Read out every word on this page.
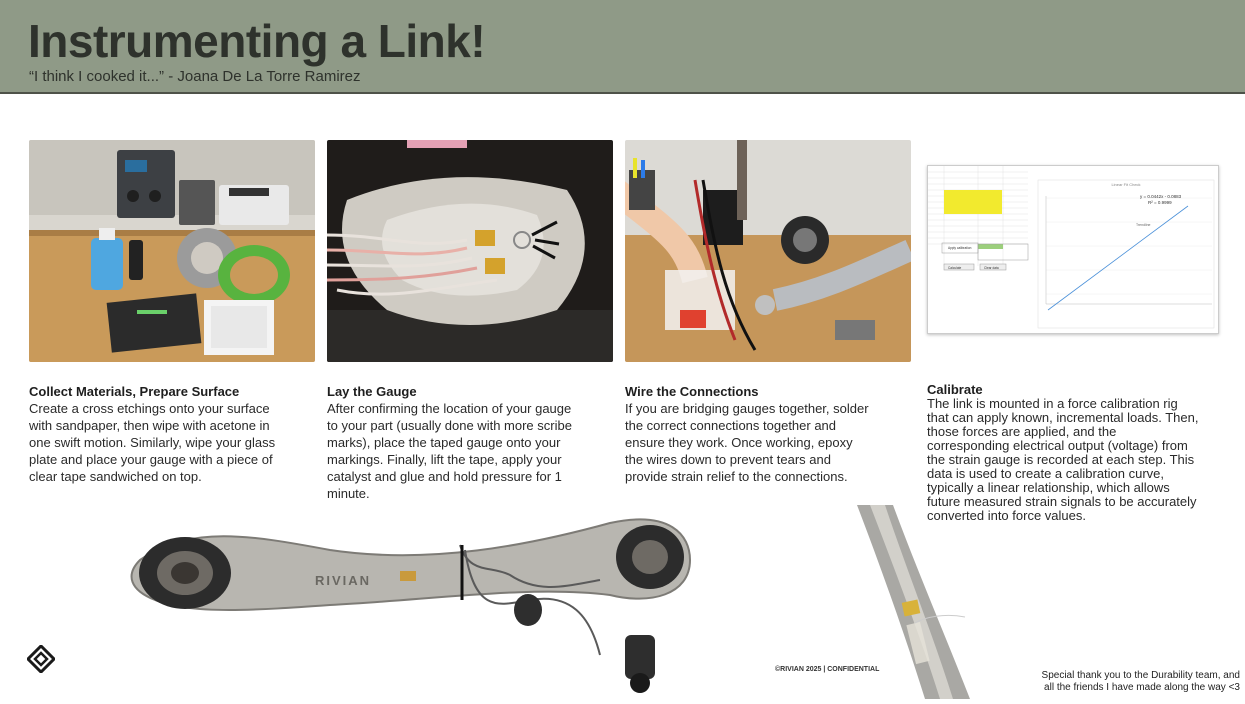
Instrumenting a Link!
“I think I cooked it...” - Joana De La Torre Ramirez
Linear Fit Check
y = 0.0442x - 0.0883
R² = 0.9999
Trendline
Apply calibration
Calculate	Clear data
Collect Materials, Prepare Surface
Create a cross etchings onto your surface
with sandpaper, then wipe with acetone in
one swift motion. Similarly, wipe your glass
plate and place your gauge with a piece of
clear tape sandwiched on top.
Lay the Gauge
After confirming the location of your gauge
to your part (usually done with more scribe
marks), place the taped gauge onto your
markings. Finally, lift the tape, apply your
catalyst and glue and hold pressure for 1
minute.
Wire the Connections
If you are bridging gauges together, solder
the correct connections together and
ensure they work. Once working, epoxy
the wires down to prevent tears and
provide strain relief to the connections.
Calibrate
The link is mounted in a force calibration rig
that can apply known, incremental loads. Then,
those forces are applied, and the
corresponding electrical output (voltage) from
the strain gauge is recorded at each step. This
data is used to create a calibration curve,
typically a linear relationship, which allows
future measured strain signals to be accurately
converted into force values.
RIVIAN
©RIVIAN 2025 | CONFIDENTIAL
Special thank you to the Durability team, and
all the friends I have made along the way <3
